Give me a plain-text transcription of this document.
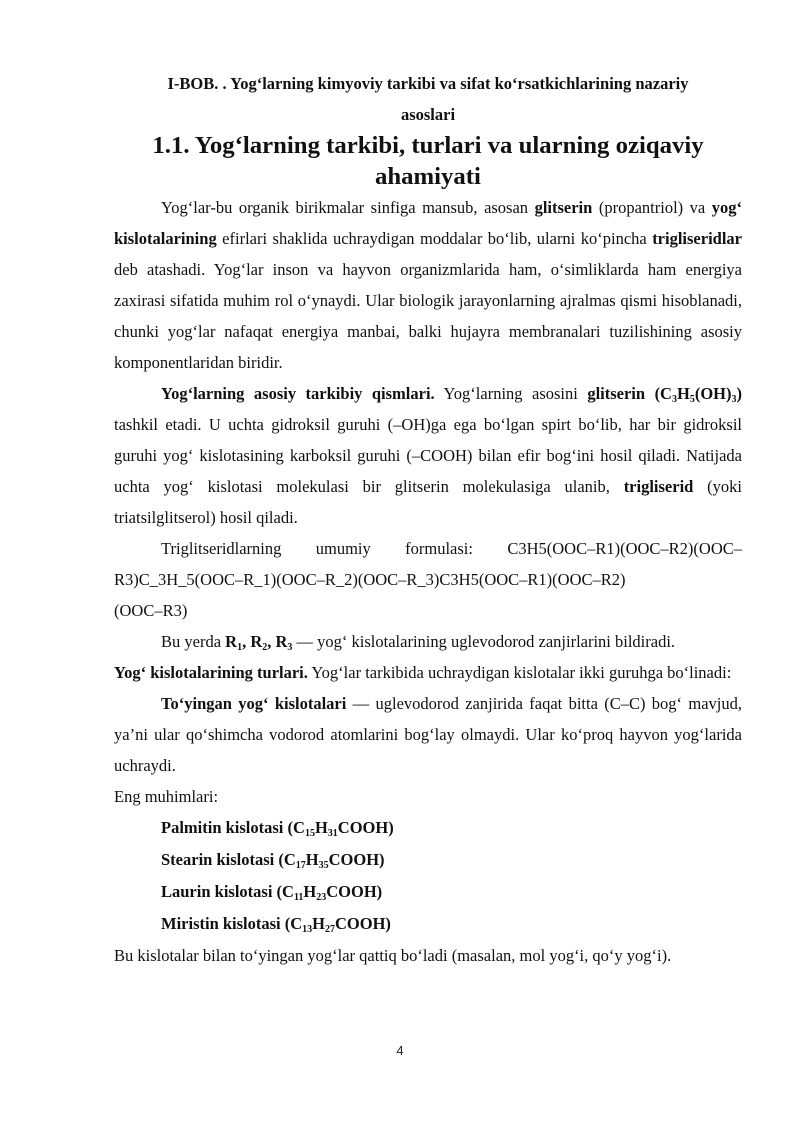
I-BOB. . Yog‘larning kimyoviy tarkibi va sifat ko‘rsatkichlarining nazariy
asoslari
1.1. Yog‘larning tarkibi, turlari va ularning oziqaviy ahamiyati

Yog‘lar-bu organik birikmalar sinfiga mansub, asosan glitserin (propantriol) va yog‘ kislotalarining efirlari shaklida uchraydigan moddalar bo‘lib, ularni ko‘pincha trigliseridlar deb atashadi. Yog‘lar inson va hayvon organizmlarida ham, o‘simliklarda ham energiya zaxirasi sifatida muhim rol o‘ynaydi. Ular biologik jarayonlarning ajralmas qismi hisoblanadi, chunki yog‘lar nafaqat energiya manbai, balki hujayra membranalari tuzilishining asosiy komponentlaridan biridir.

Yog‘larning asosiy tarkibiy qismlari. Yog‘larning asosini glitserin $(C_3H_5(OH)_3)$ tashkil etadi. U uchta gidroksil guruhi (–OH)ga ega bo‘lgan spirt bo‘lib, har bir gidroksil guruhi yog‘ kislotasining karboksil guruhi (–COOH) bilan efir bog‘ini hosil qiladi. Natijada uchta yog‘ kislotasi molekulasi bir glitserin molekulasiga ulanib, trigliserid (yoki triatsilglitserol) hosil qiladi.

Triglitseridlarning umumiy formulasi: C3H5(OOC–R1)(OOC–R2)(OOC–

R3)C_3H_5(OOC–R_1)(OOC–R_2)(OOC–R_3)C3H5(OOC–R1)(OOC–R2)

(OOC–R3)

Bu yerda $R_1$, $R_2$, $R_3$ — yog‘ kislotalarining uglevodorod zanjirlarini bildiradi.

Yog‘ kislotalarining turlari. Yog‘lar tarkibida uchraydigan kislotalar ikki guruhga bo‘linadi:

To‘yingan yog‘ kislotalari — uglevodorod zanjirida faqat bitta (C–C) bog‘ mavjud, ya’ni ular qo‘shimcha vodorod atomlarini bog‘lay olmaydi. Ular ko‘proq hayvon yog‘larida uchraydi.

Eng muhimlari:

Palmitin kislotasi $(C_{15}H_{31}COOH)$

Stearin kislotasi $(C_{17}H_{35}COOH)$

Laurin kislotasi $(C_{11}H_{23}COOH)$

Miristin kislotasi $(C_{13}H_{27}COOH)$

Bu kislotalar bilan to‘yingan yog‘lar qattiq bo‘ladi (masalan, mol yog‘i, qo‘y yog‘i).

4
